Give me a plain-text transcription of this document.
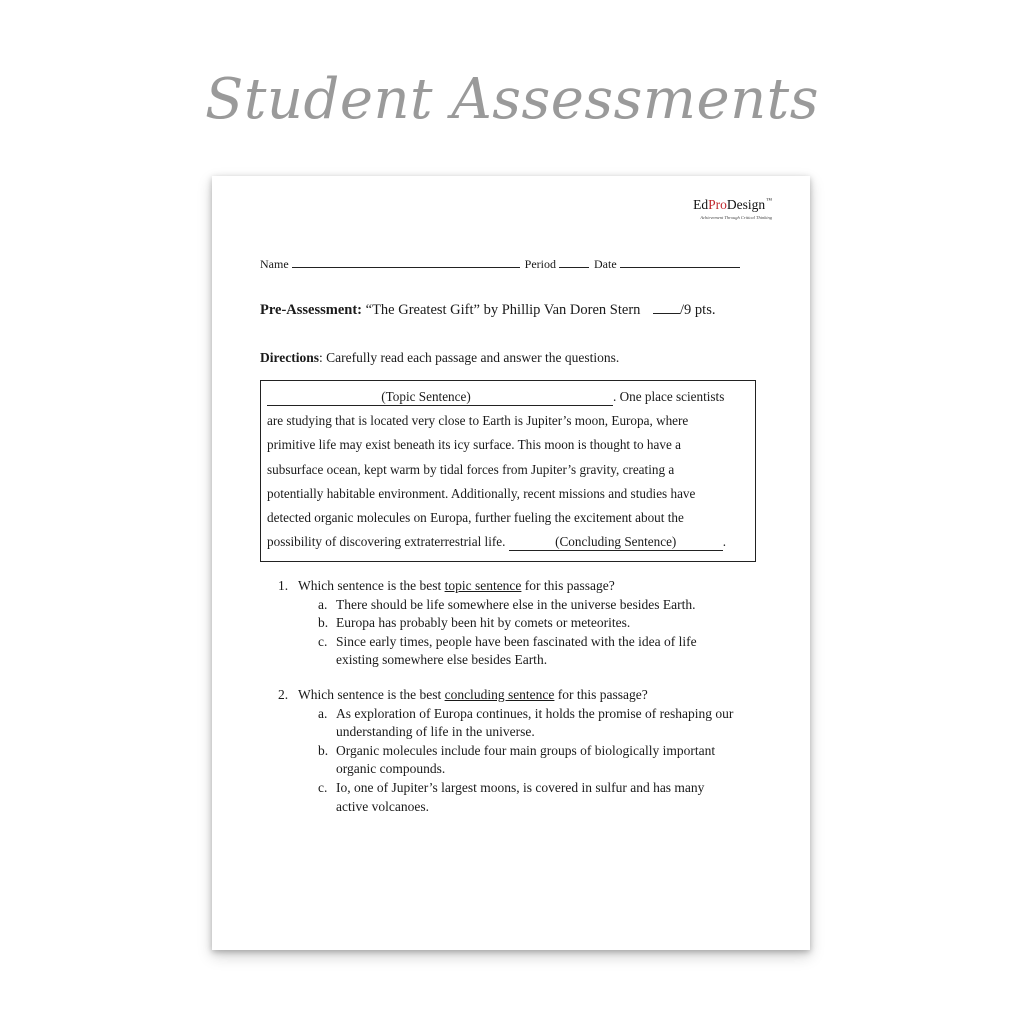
Student Assessments
EdProDesign™
Achievement Through Critical Thinking
Name	Period	Date
Pre-Assessment: “The Greatest Gift” by Phillip Van Doren Stern	/9 pts.
Directions: Carefully read each passage and answer the questions.
(Topic Sentence)	. One place scientists
are studying that is located very close to Earth is Jupiter’s moon, Europa, where
primitive life may exist beneath its icy surface. This moon is thought to have a
subsurface ocean, kept warm by tidal forces from Jupiter’s gravity, creating a
potentially habitable environment. Additionally, recent missions and studies have
detected organic molecules on Europa, further fueling the excitement about the
possibility of discovering extraterrestrial life.	(Concluding Sentence)	.
1. Which sentence is the best topic sentence for this passage?
a. There should be life somewhere else in the universe besides Earth.
b. Europa has probably been hit by comets or meteorites.
c. Since early times, people have been fascinated with the idea of life existing somewhere else besides Earth.
2. Which sentence is the best concluding sentence for this passage?
a. As exploration of Europa continues, it holds the promise of reshaping our understanding of life in the universe.
b. Organic molecules include four main groups of biologically important organic compounds.
c. Io, one of Jupiter’s largest moons, is covered in sulfur and has many active volcanoes.
